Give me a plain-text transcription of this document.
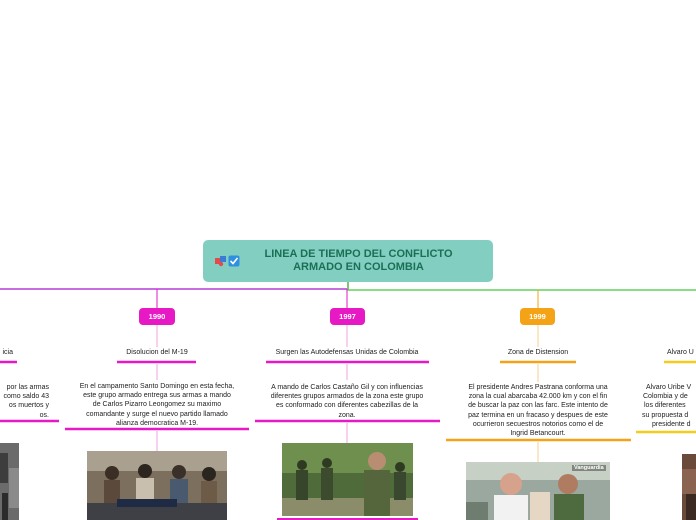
LINEA DE TIEMPO DEL CONFLICTO ARMADO EN COLOMBIA
icia
por las armas
como saldo 43
os muertos y
os.
1990
Disolucion del M-19
En el campamento Santo Domingo en esta fecha,
este grupo armado entrega sus armas a mando
de Carlos Pizarro Leongomez su maximo
comandante y surge el nuevo partido llamado
alianza democratica M-19.
1997
Surgen las Autodefensas Unidas de Colombia
A mando de Carlos Castaño Gil y con influencias
diferentes grupos armados de la zona este grupo
es conformado con diferentes cabezillas de la
zona.
1999
Zona de Distension
El presidente Andres Pastrana conforma una
zona la cual abarcaba 42.000 km y con el fin
de buscar la paz con las farc. Este intento de
paz termina en un fracaso y despues de este
ocurrieron secuestros notorios como el de
Ingrid Betancourt.
Vanguardia
Alvaro U
Alvaro Uribe V
Colombia y de
los diferentes
su propuesta d
presidente d
